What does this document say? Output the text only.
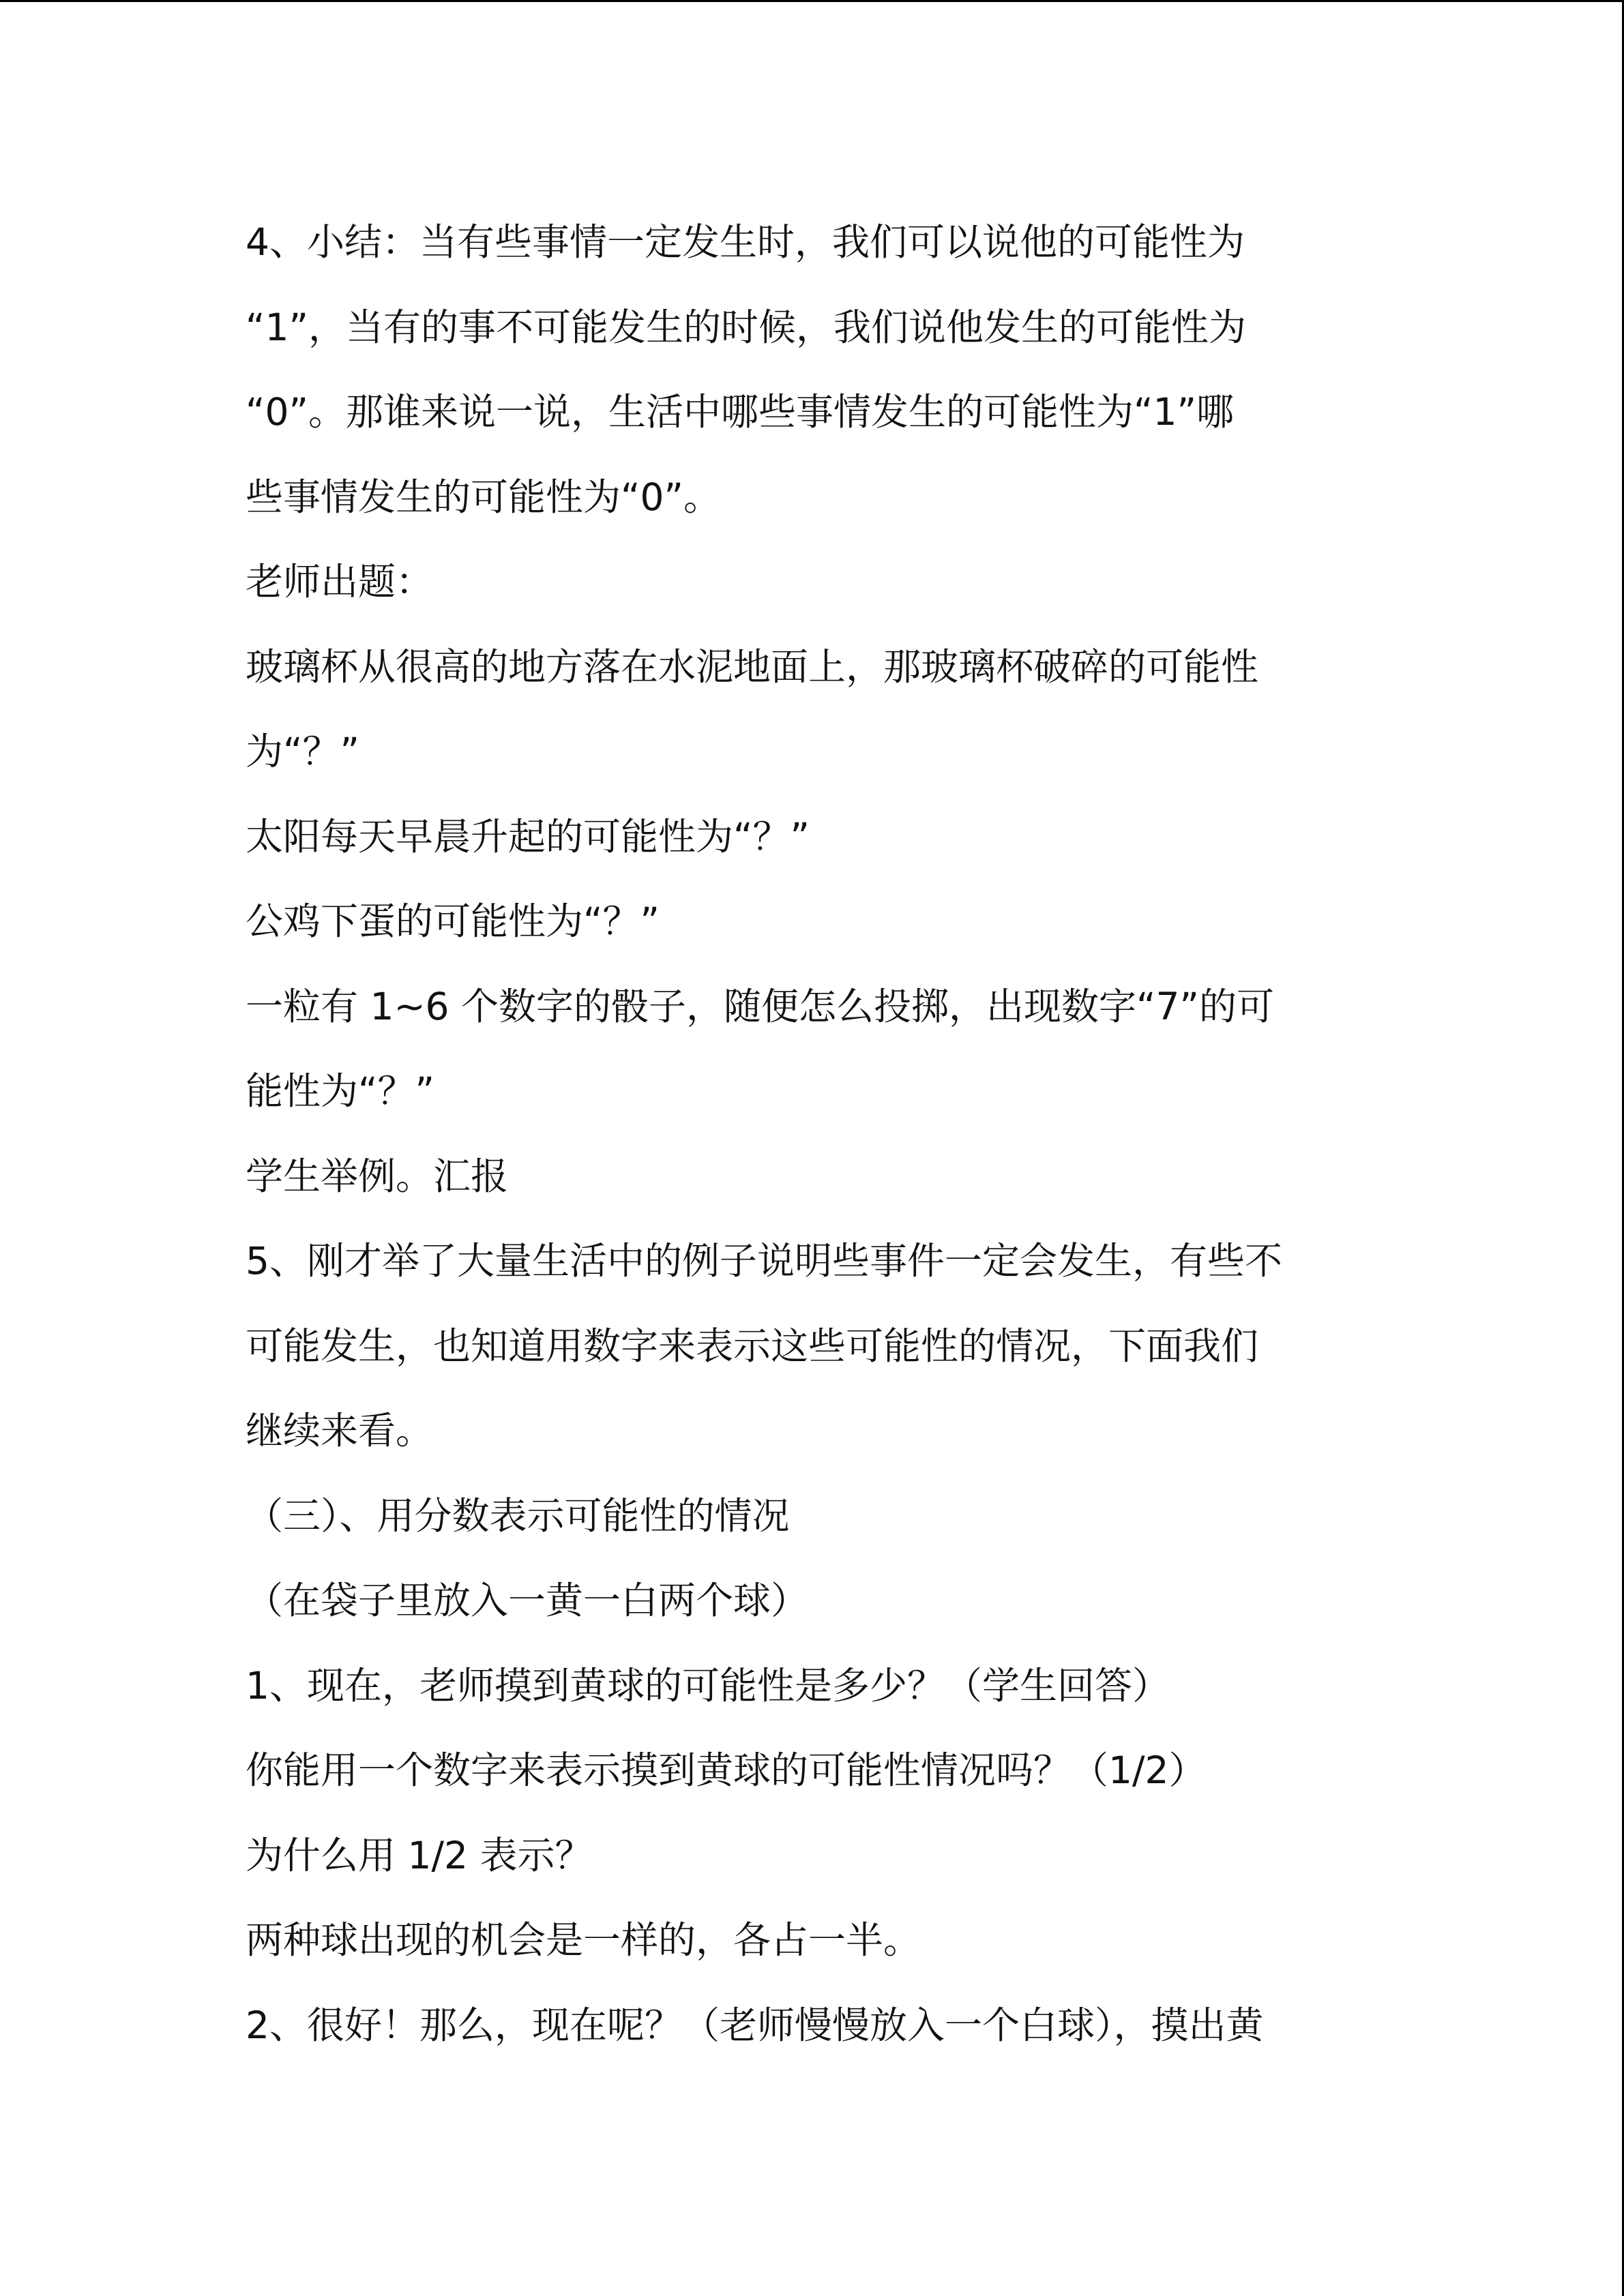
4、小结：当有些事情一定发生时，我们可以说他的可能性为
“1”，当有的事不可能发生的时候，我们说他发生的可能性为
“0”。那谁来说一说，生活中哪些事情发生的可能性为“1”哪
些事情发生的可能性为“0”。
老师出题：
玻璃杯从很高的地方落在水泥地面上，那玻璃杯破碎的可能性
为“？”
太阳每天早晨升起的可能性为“？”
公鸡下蛋的可能性为“？”
一粒有 1~6 个数字的骰子，随便怎么投掷，出现数字“7”的可
能性为“？”
学生举例。汇报
5、刚才举了大量生活中的例子说明些事件一定会发生，有些不
可能发生，也知道用数字来表示这些可能性的情况，下面我们
继续来看。
（三）、用分数表示可能性的情况
（在袋子里放入一黄一白两个球）
1、现在，老师摸到黄球的可能性是多少？（学生回答）
你能用一个数字来表示摸到黄球的可能性情况吗？（1/2）
为什么用 1/2 表示？
两种球出现的机会是一样的，各占一半。
2、很好！那么，现在呢？（老师慢慢放入一个白球），摸出黄
